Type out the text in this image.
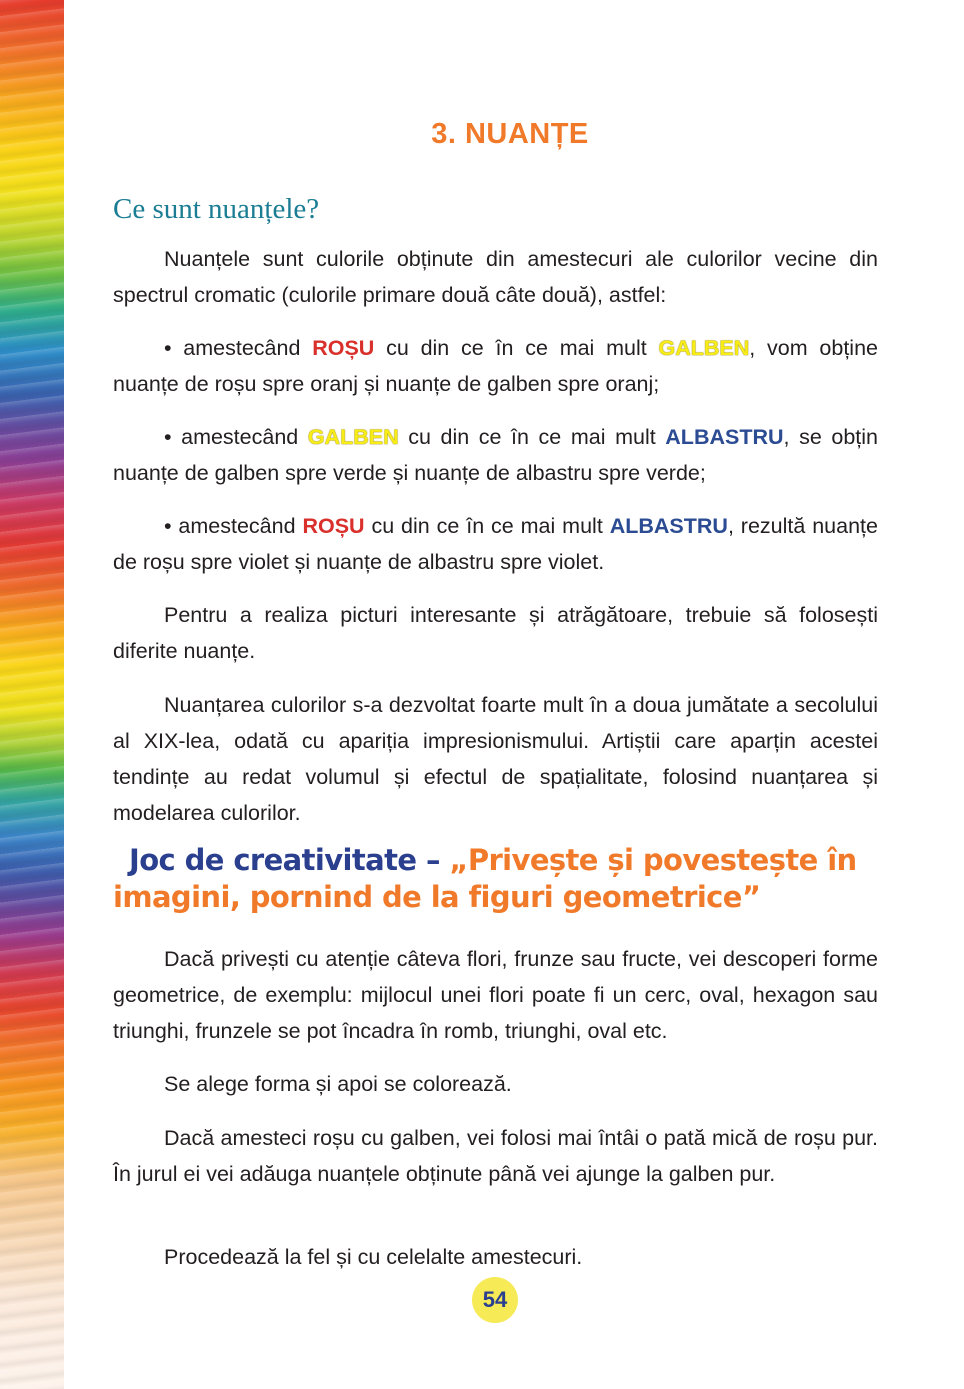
3. NUANȚE
Ce sunt nuanțele?

Nuanțele sunt culorile obținute din amestecuri ale culorilor vecine din spectrul cromatic (culorile primare două câte două), astfel:

• amestecând ROȘU cu din ce în ce mai mult GALBEN, vom obține nuanțe de roșu spre oranj și nuanțe de galben spre oranj;

• amestecând GALBEN cu din ce în ce mai mult ALBASTRU, se obțin nuanțe de galben spre verde și nuanțe de albastru spre verde;

• amestecând ROȘU cu din ce în ce mai mult ALBASTRU, rezultă nuanțe de roșu spre violet și nuanțe de albastru spre violet.

Pentru a realiza picturi interesante și atrăgătoare, trebuie să folosești diferite nuanțe.

Nuanțarea culorilor s-a dezvoltat foarte mult în a doua jumătate a secolului al XIX-lea, odată cu apariția impresionismului. Artiștii care aparțin acestei tendințe au redat volumul și efectul de spațialitate, folosind nuanțarea și modelarea culorilor.

Joc de creativitate – „Privește și povestește în imagini, pornind de la figuri geometrice”

Dacă privești cu atenție câteva flori, frunze sau fructe, vei descoperi forme geometrice, de exemplu: mijlocul unei flori poate fi un cerc, oval, hexagon sau triunghi, frunzele se pot încadra în romb, triunghi, oval etc.

Se alege forma și apoi se colorează.

Dacă amesteci roșu cu galben, vei folosi mai întâi o pată mică de roșu pur. În jurul ei vei adăuga nuanțele obținute până vei ajunge la galben pur.

Procedează la fel și cu celelalte amestecuri.

54
